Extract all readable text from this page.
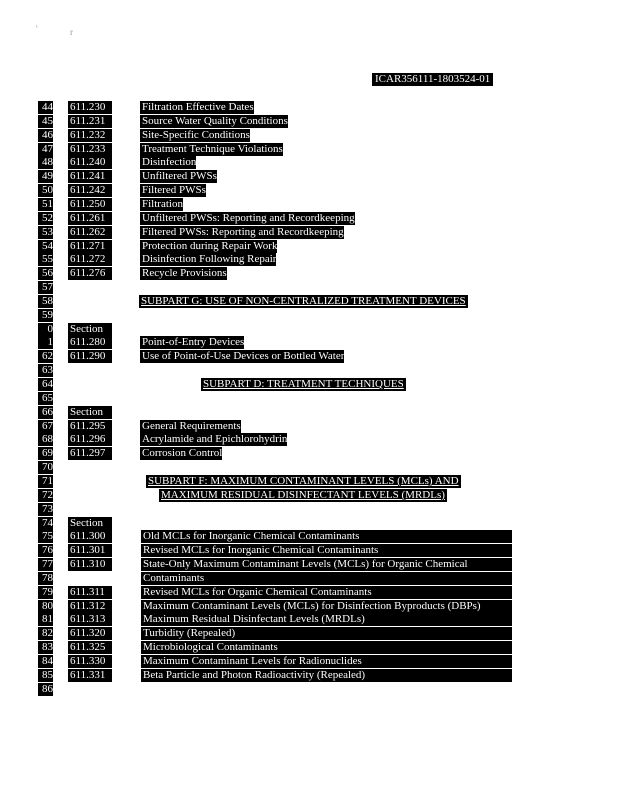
'	r
ICAR356111-1803524-01
44 611.230	Filtration Effective Dates
45 611.231	Source Water Quality Conditions
46 611.232	Site-Specific Conditions
47 611.233	Treatment Technique Violations
48 611.240	Disinfection
49 611.241	Unfiltered PWSs
50 611.242	Filtered PWSs
51 611.250	Filtration
52 611.261	Unfiltered PWSs: Reporting and Recordkeeping
53 611.262	Filtered PWSs: Reporting and Recordkeeping
54 611.271	Protection during Repair Work
55 611.272	Disinfection Following Repair
56 611.276	Recycle Provisions
57
58	SUBPART G: USE OF NON-CENTRALIZED TREATMENT DEVICES
59
0 Section
1 611.280	Point-of-Entry Devices
62 611.290	Use of Point-of-Use Devices or Bottled Water
63
64	SUBPART D: TREATMENT TECHNIQUES
65
66 Section
67 611.295	General Requirements
68 611.296	Acrylamide and Epichlorohydrin
69 611.297	Corrosion Control
70
71	SUBPART F: MAXIMUM CONTAMINANT LEVELS (MCLs) AND
72	MAXIMUM RESIDUAL DISINFECTANT LEVELS (MRDLs)
73
74 Section
75 611.300	Old MCLs for Inorganic Chemical Contaminants
76 611.301	Revised MCLs for Inorganic Chemical Contaminants
77 611.310	State-Only Maximum Contaminant Levels (MCLs) for Organic Chemical
78	Contaminants
79 611.311	Revised MCLs for Organic Chemical Contaminants
80 611.312	Maximum Contaminant Levels (MCLs) for Disinfection Byproducts (DBPs)
81 611.313	Maximum Residual Disinfectant Levels (MRDLs)
82 611.320	Turbidity (Repealed)
83 611.325	Microbiological Contaminants
84 611.330	Maximum Contaminant Levels for Radionuclides
85 611.331	Beta Particle and Photon Radioactivity (Repealed)
86
